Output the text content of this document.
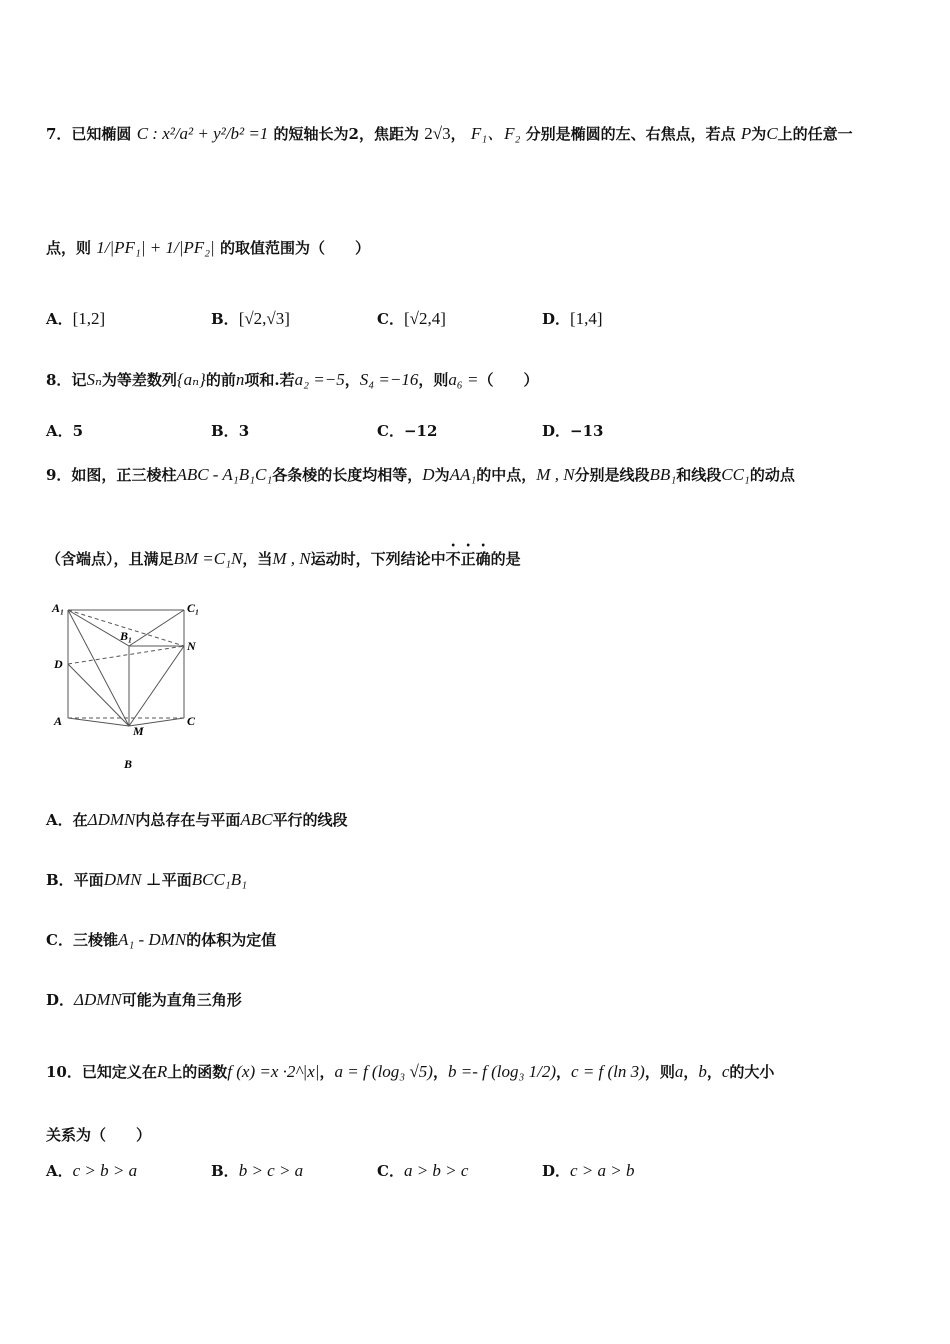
7．已知椭圆 C : x²/a² + y²/b² =1 的短轴长为2，焦距为 2√3， F₁、F₂ 分别是椭圆的左、右焦点，若点 P为C上的任意一
点，则 1/|PF₁| + 1/|PF₂| 的取值范围为（　　）
A．[1,2]	B．[√2,√3]	C．[√2,4]	D．[1,4]
8．记Sₙ为等差数列{aₙ}的前n项和.若a₂ =−5，S₄ =−16，则a₆ =（　　）
A．5	B．3	C．−12	D．−13
9．如图，正三棱柱ABC - A₁B₁C₁各条棱的长度均相等，D为AA₁的中点，M , N分别是线段BB₁和线段CC₁的动点
（含端点），且满足BM =C₁N，当M , N运动时，下列结论中不正确的是
A₁	C₁
B₁
D
N
A	C
M
B
A．在ΔDMN内总存在与平面ABC平行的线段
B．平面DMN ⊥平面BCC₁B₁
C．三棱锥A₁ - DMN的体积为定值
D．ΔDMN可能为直角三角形
10．已知定义在R上的函数f (x) =x ·2^|x|，a = f (log₃ √5)，b =- f (log₃ 1/2)，c = f (ln 3)，则a，b，c的大小
关系为（　　）
A．c > b > a	B．b > c > a	C．a > b > c	D．c > a > b
